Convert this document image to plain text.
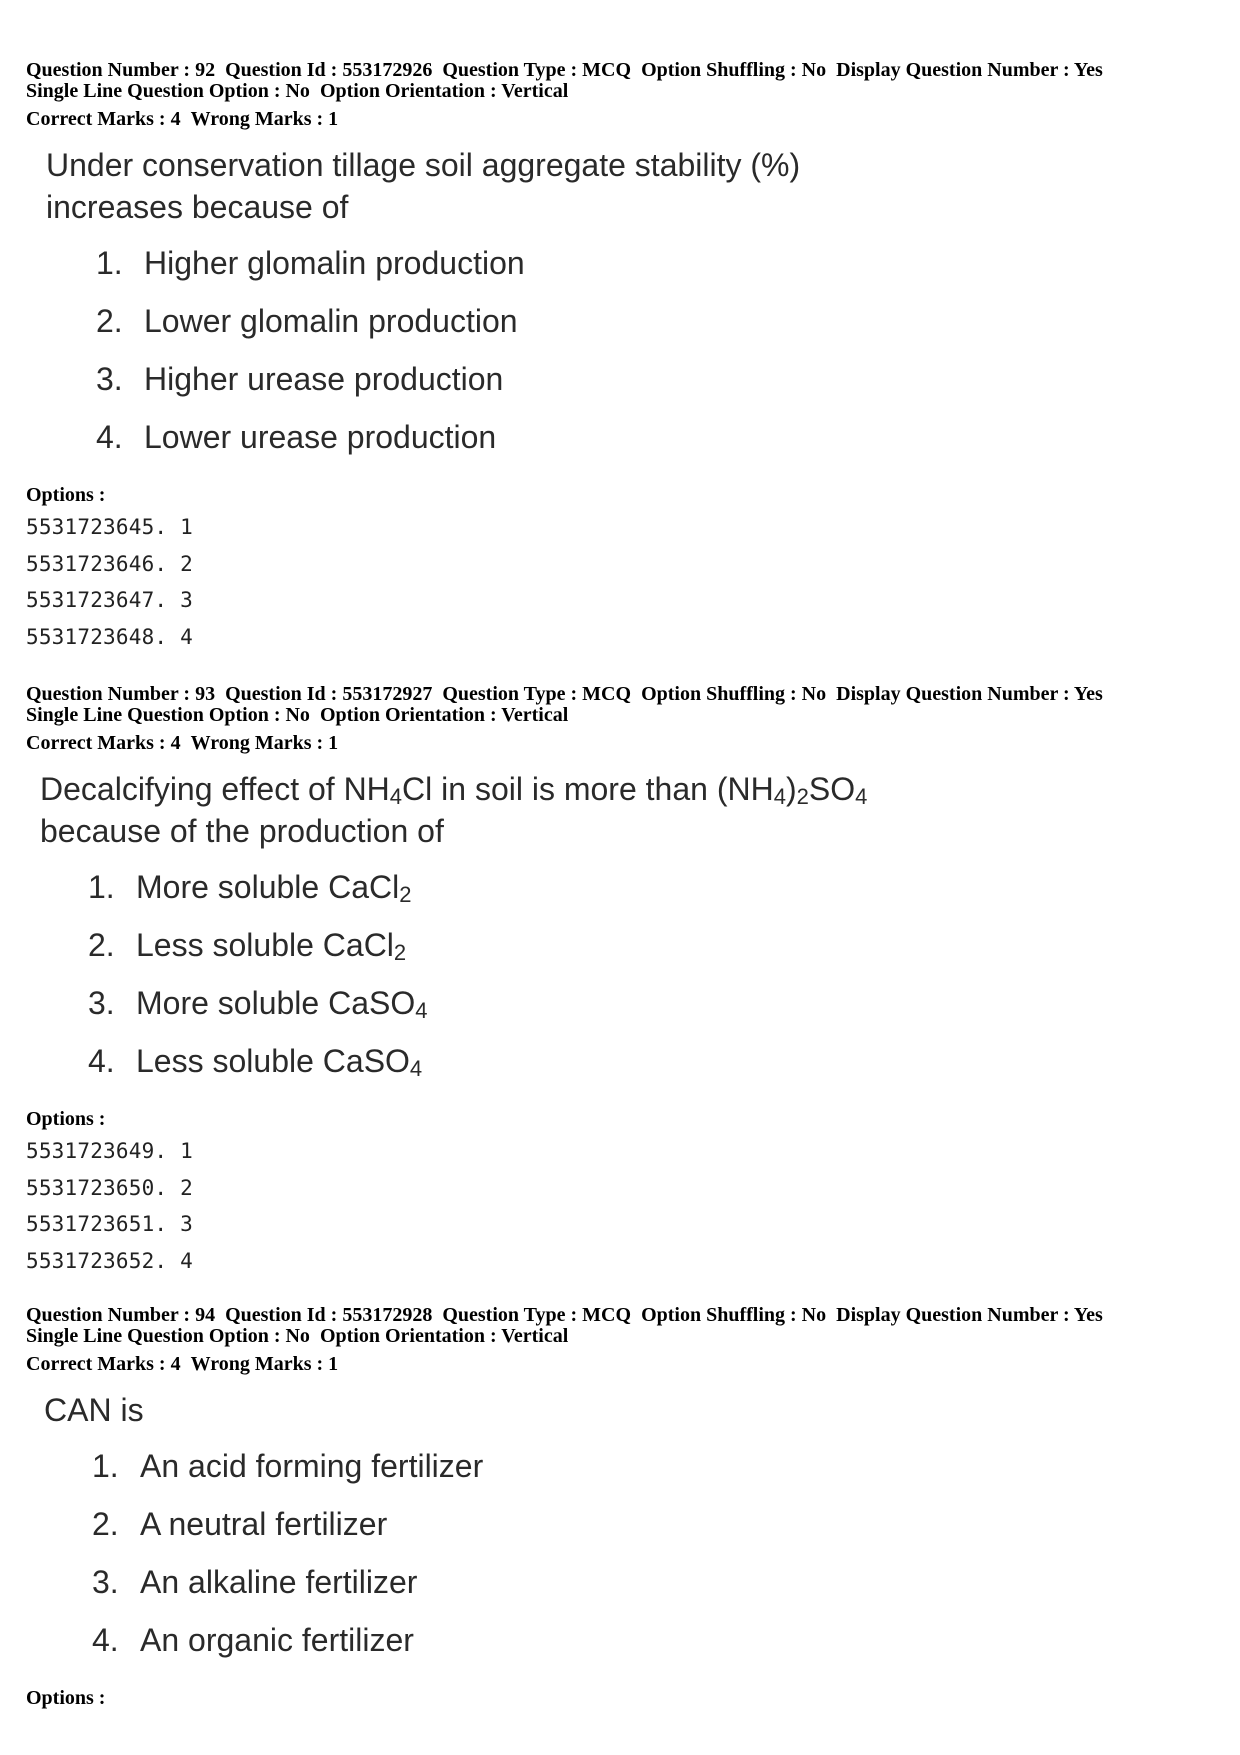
Question Number : 92 Question Id : 553172926 Question Type : MCQ Option Shuffling : No Display Question Number : Yes
Single Line Question Option : No Option Orientation : Vertical
Correct Marks : 4 Wrong Marks : 1
Under conservation tillage soil aggregate stability (%)
increases because of
1. Higher glomalin production
2. Lower glomalin production
3. Higher urease production
4. Lower urease production
Options :
5531723645. 1
5531723646. 2
5531723647. 3
5531723648. 4
Question Number : 93 Question Id : 553172927 Question Type : MCQ Option Shuffling : No Display Question Number : Yes
Single Line Question Option : No Option Orientation : Vertical
Correct Marks : 4 Wrong Marks : 1
Decalcifying effect of $NH_4Cl$ in soil is more than $(NH_4)_2SO_4$
because of the production of
1. More soluble CaCl$_2$
2. Less soluble CaCl$_2$
3. More soluble CaSO$_4$
4. Less soluble CaSO$_4$
Options :
5531723649. 1
5531723650. 2
5531723651. 3
5531723652. 4
Question Number : 94 Question Id : 553172928 Question Type : MCQ Option Shuffling : No Display Question Number : Yes
Single Line Question Option : No Option Orientation : Vertical
Correct Marks : 4 Wrong Marks : 1
CAN is
1. An acid forming fertilizer
2. A neutral fertilizer
3. An alkaline fertilizer
4. An organic fertilizer
Options :
